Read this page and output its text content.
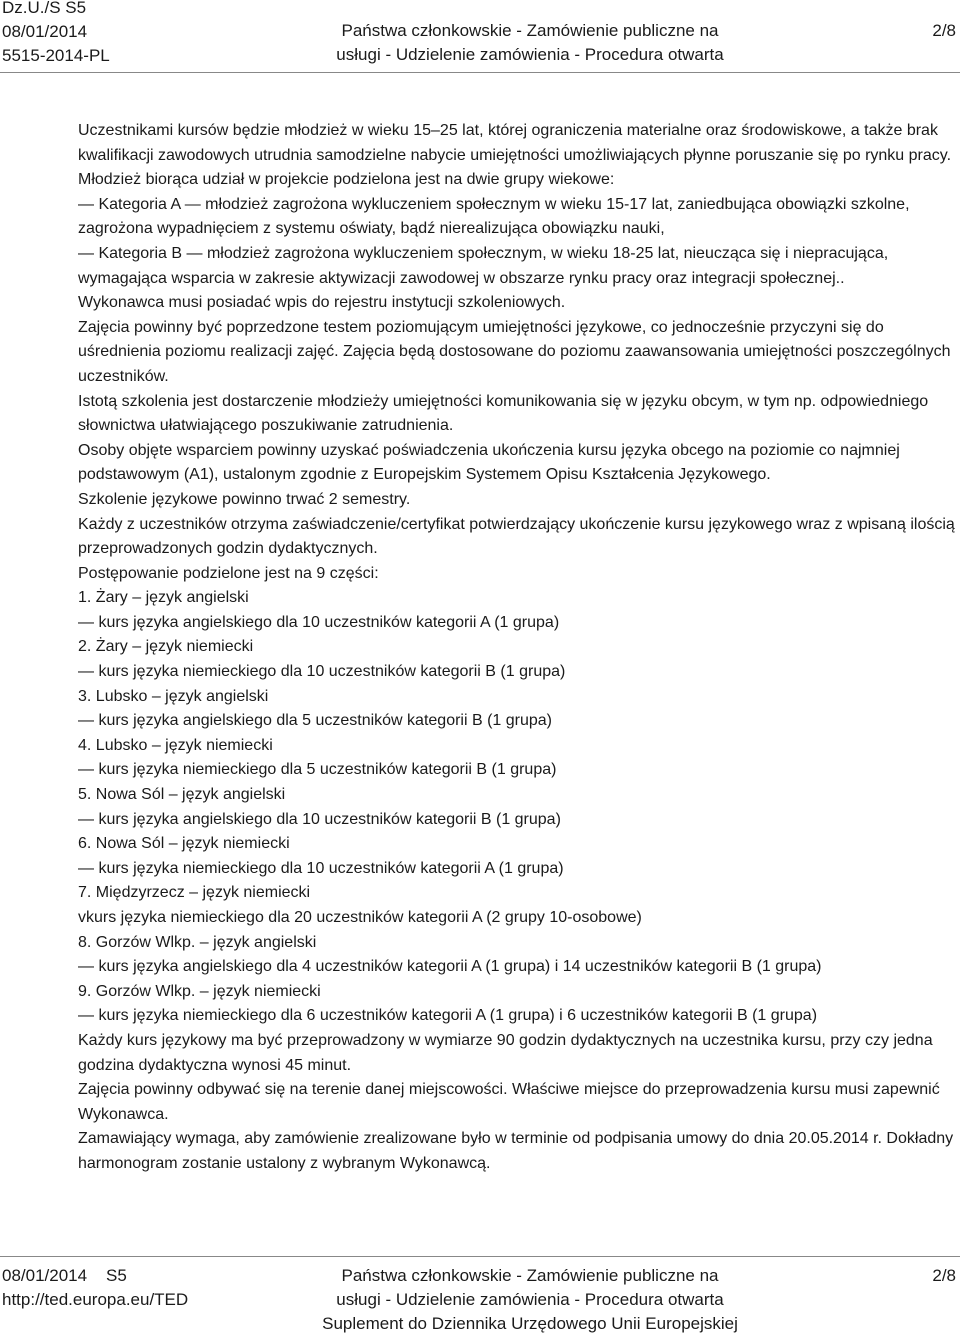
Dz.U./S S5
08/01/2014
5515-2014-PL
Państwa członkowskie - Zamówienie publiczne na
usługi - Udzielenie zamówienia - Procedura otwarta
2/8

Uczestnikami kursów będzie młodzież w wieku 15–25 lat, której ograniczenia materialne oraz środowiskowe, a także brak kwalifikacji zawodowych utrudnia samodzielne nabycie umiejętności umożliwiających płynne poruszanie się po rynku pracy.

Młodzież biorąca udział w projekcie podzielona jest na dwie grupy wiekowe:

— Kategoria A — młodzież zagrożona wykluczeniem społecznym w wieku 15-17 lat, zaniedbująca obowiązki szkolne, zagrożona wypadnięciem z systemu oświaty, bądź nierealizująca obowiązku nauki,

— Kategoria B — młodzież zagrożona wykluczeniem społecznym, w wieku 18-25 lat, nieucząca się i niepracująca, wymagająca wsparcia w zakresie aktywizacji zawodowej w obszarze rynku pracy oraz integracji społecznej..

Wykonawca musi posiadać wpis do rejestru instytucji szkoleniowych.

Zajęcia powinny być poprzedzone testem poziomującym umiejętności językowe, co jednocześnie przyczyni się do uśrednienia poziomu realizacji zajęć. Zajęcia będą dostosowane do poziomu zaawansowania umiejętności poszczególnych uczestników.

Istotą szkolenia jest dostarczenie młodzieży umiejętności komunikowania się w języku obcym, w tym np. odpowiedniego słownictwa ułatwiającego poszukiwanie zatrudnienia.

Osoby objęte wsparciem powinny uzyskać poświadczenia ukończenia kursu języka obcego na poziomie co najmniej podstawowym (A1), ustalonym zgodnie z Europejskim Systemem Opisu Kształcenia Językowego.

Szkolenie językowe powinno trwać 2 semestry.

Każdy z uczestników otrzyma zaświadczenie/certyfikat potwierdzający ukończenie kursu językowego wraz z wpisaną ilością przeprowadzonych godzin dydaktycznych.

Postępowanie podzielone jest na 9 części:

1. Żary – język angielski

— kurs języka angielskiego dla 10 uczestników kategorii A (1 grupa)

2. Żary – język niemiecki

— kurs języka niemieckiego dla 10 uczestników kategorii B (1 grupa)

3. Lubsko – język angielski

— kurs języka angielskiego dla 5 uczestników kategorii B (1 grupa)

4. Lubsko – język niemiecki

— kurs języka niemieckiego dla 5 uczestników kategorii B (1 grupa)

5. Nowa Sól – język angielski

— kurs języka angielskiego dla 10 uczestników kategorii B (1 grupa)

6. Nowa Sól – język niemiecki

— kurs języka niemieckiego dla 10 uczestników kategorii A (1 grupa)

7. Międzyrzecz – język niemiecki

vkurs języka niemieckiego dla 20 uczestników kategorii A (2 grupy 10-osobowe)

8. Gorzów Wlkp. – język angielski

— kurs języka angielskiego dla 4 uczestników kategorii A (1 grupa) i 14 uczestników kategorii B (1 grupa)

9. Gorzów Wlkp. – język niemiecki

— kurs języka niemieckiego dla 6 uczestników kategorii A (1 grupa) i 6 uczestników kategorii B (1 grupa)

Każdy kurs językowy ma być przeprowadzony w wymiarze 90 godzin dydaktycznych na uczestnika kursu, przy czy jedna godzina dydaktyczna wynosi 45 minut.

Zajęcia powinny odbywać się na terenie danej miejscowości. Właściwe miejsce do przeprowadzenia kursu musi zapewnić Wykonawca.

Zamawiający wymaga, aby zamówienie zrealizowane było w terminie od podpisania umowy do dnia 20.05.2014 r. Dokładny harmonogram zostanie ustalony z wybranym Wykonawcą.

08/01/2014 S5
http://ted.europa.eu/TED
Państwa członkowskie - Zamówienie publiczne na
usługi - Udzielenie zamówienia - Procedura otwarta
Suplement do Dziennika Urzędowego Unii Europejskiej
2/8
